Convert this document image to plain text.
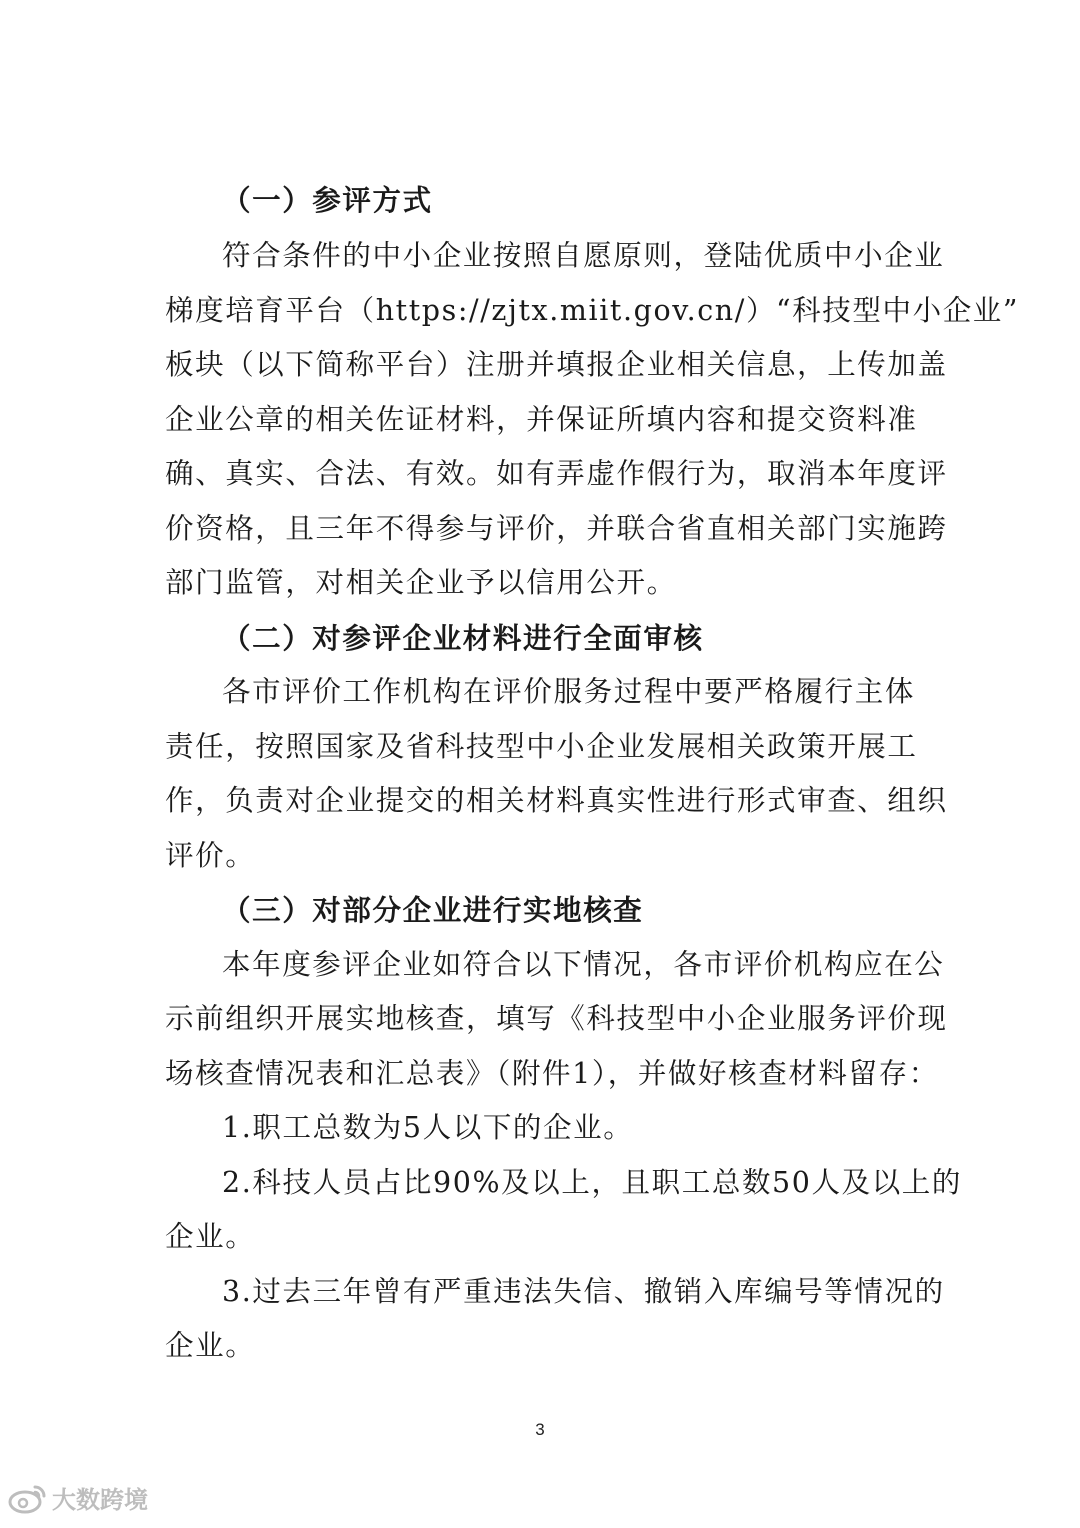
（一）参评方式
符合条件的中小企业按照自愿原则，登陆优质中小企业
梯度培育平台（https://zjtx.miit.gov.cn/）“科技型中小企业”
板块（以下简称平台）注册并填报企业相关信息，上传加盖
企业公章的相关佐证材料，并保证所填内容和提交资料准
确、真实、合法、有效。如有弄虚作假行为，取消本年度评
价资格，且三年不得参与评价，并联合省直相关部门实施跨
部门监管，对相关企业予以信用公开。
（二）对参评企业材料进行全面审核
各市评价工作机构在评价服务过程中要严格履行主体
责任，按照国家及省科技型中小企业发展相关政策开展工
作，负责对企业提交的相关材料真实性进行形式审查、组织
评价。
（三）对部分企业进行实地核查
本年度参评企业如符合以下情况，各市评价机构应在公
示前组织开展实地核查，填写《科技型中小企业服务评价现
场核查情况表和汇总表》（附件1），并做好核查材料留存：
1.职工总数为5人以下的企业。
2.科技人员占比90%及以上，且职工总数50人及以上的
企业。
3.过去三年曾有严重违法失信、撤销入库编号等情况的
企业。
3
大数跨境
